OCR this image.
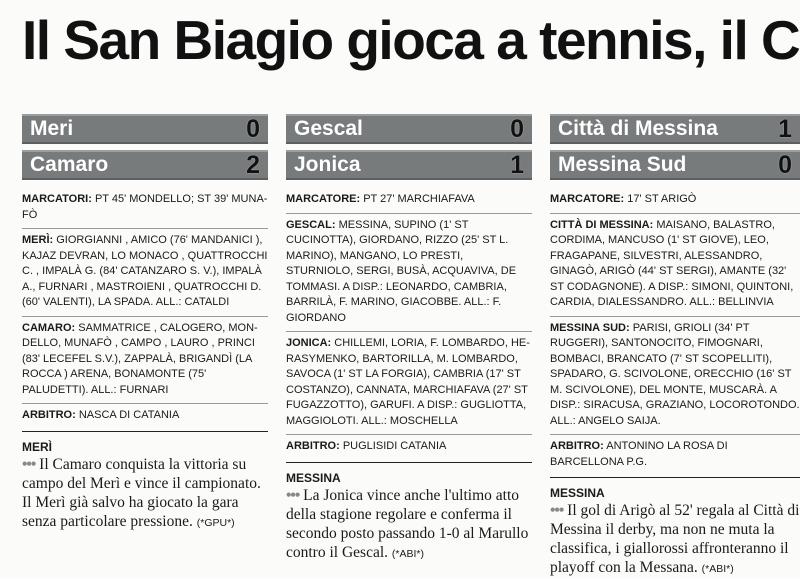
Il San Biagio gioca a tennis, il C
Meri	0
Camaro	2
MARCATORI: PT 45' MONDELLO; ST 39' MUNA-FÒ
MERÌ: GIORGIANNI , AMICO (76' MANDANICI ), KAJAZ DEVRAN, LO MONACO , QUATTROCCHI C. , IMPALÀ G. (84' CATANZARO S. V.), IMPALÀ A., FURNARI , MASTROIENI , QUATROCCHI D. (60' VALENTI), LA SPADA. ALL.: CATALDI
CAMARO: SAMMATRICE , CALOGERO, MON-DELLO, MUNAFÒ , CAMPO , LAURO , PRINCI (83' LECEFEL S.V.), ZAPPALÀ, BRIGANDÌ (LA ROCCA ) ARENA, BONAMONTE (75' PALUDETTI). ALL.: FURNARI
ARBITRO: NASCA DI CATANIA
MERÌ
••• Il Camaro conquista la vittoria su campo del Merì e vince il campionato. Il Merì già salvo ha giocato la gara senza particolare pressione. (*GPU*)
Gescal	0
Jonica	1
MARCATORE: PT 27' MARCHIAFAVA
GESCAL: MESSINA, SUPINO (1' ST CUCINOTTA), GIORDANO, RIZZO (25' ST L. MARINO), MANGANO, LO PRESTI, STURNIOLO, SERGI, BUSÀ, ACQUAVIVA, DE TOMMASI. A DISP.: LEONARDO, CAMBRIA, BARRILÀ, F. MARINO, GIACOBBE. ALL.: F. GIORDANO
JONICA: CHILLEMI, LORIA, F. LOMBARDO, HE-RASYMENKO, BARTORILLA, M. LOMBARDO, SAVOCA (1' ST LA FORGIA), CAMBRIA (17' ST COSTANZO), CANNATA, MARCHIAFAVA (27' ST FUGAZZOTTO), GARUFI. A DISP.: GUGLIOTTA, MAGGIOLOTI. ALL.: MOSCHELLA
ARBITRO: PUGLISIDI CATANIA
MESSINA
••• La Jonica vince anche l'ultimo atto della stagione regolare e conferma il secondo posto passando 1-0 al Marullo contro il Gescal. (*ABI*)
Città di Messina 1
Messina Sud	0
MARCATORE: 17' ST ARIGÒ
CITTÀ DI MESSINA: MAISANO, BALASTRO, CORDIMA, MANCUSO (1' ST GIOVE), LEO, FRAGAPANE, SILVESTRI, ALESSANDRO, GINAGÒ, ARIGÒ (44' ST SERGI), AMANTE (32' ST CODAGNONE). A DISP.: SIMONI, QUINTONI, CARDIA, DIALESSANDRO. ALL.: BELLINVIA
MESSINA SUD: PARISI, GRIOLI (34' PT RUGGERI), SANTONOCITO, FIMOGNARI, BOMBACI, BRANCATO (7' ST SCOPELLITI), SPADARO, G. SCIVOLONE, ORECCHIO (16' ST M. SCIVOLONE), DEL MONTE, MUSCARÀ. A DISP.: SIRACUSA, GRAZIANO, LOCOROTONDO. ALL.: ANGELO SAIJA.
ARBITRO: ANTONINO LA ROSA DI BARCELLONA P.G.
MESSINA
••• Il gol di Arigò al 52' regala al Città di Messina il derby, ma non ne muta la classifica, i giallorossi affronteranno il playoff con la Messana. (*ABI*)
